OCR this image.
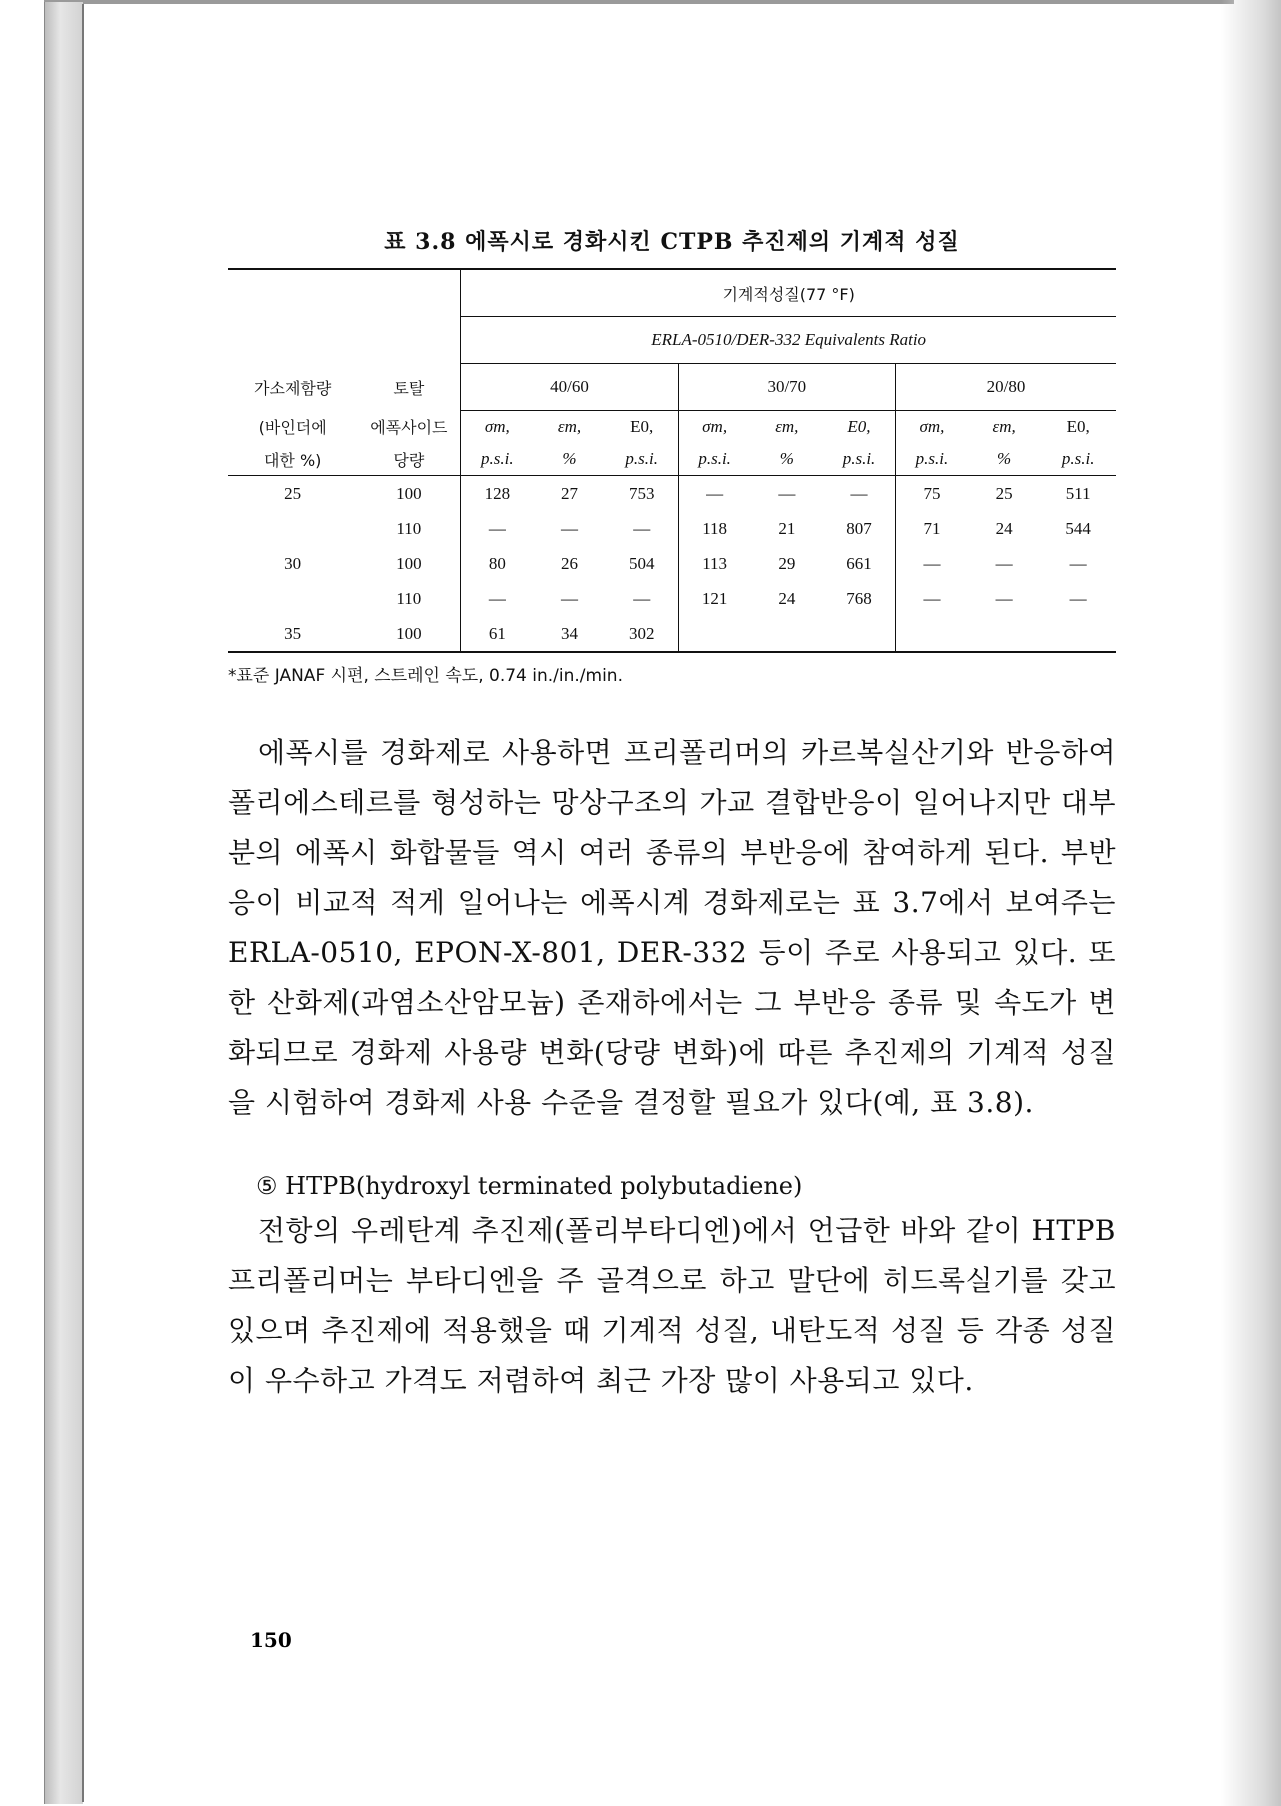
표 3.8 에폭시로 경화시킨 CTPB 추진제의 기계적 성질
		기계적성질(77 °F)								
		ERLA-0510/DER-332 Equivalents Ratio								
가소제함량	토탈	40/60			30/70			20/80		
(바인더에	에폭사이드	σm,	εm,	E0,	σm,	εm,	E0,	σm,	εm,	E0,
대한 %)	당량	p.s.i.	%	p.s.i.	p.s.i.	%	p.s.i.	p.s.i.	%	p.s.i.
25	100	128	27	753	—	—	—	75	25	511
	110	—	—	—	118	21	807	71	24	544
30	100	80	26	504	113	29	661	—	—	—
	110	—	—	—	121	24	768	—	—	—
35	100	61	34	302						
*표준 JANAF 시편, 스트레인 속도, 0.74 in./in./min.

에폭시를 경화제로 사용하면 프리폴리머의 카르복실산기와 반응하여 폴리에스테르를 형성하는 망상구조의 가교 결합반응이 일어나지만 대부분의 에폭시 화합물들 역시 여러 종류의 부반응에 참여하게 된다. 부반응이 비교적 적게 일어나는 에폭시계 경화제로는 표 3.7에서 보여주는 ERLA-0510, EPON-X-801, DER-332 등이 주로 사용되고 있다. 또한 산화제(과염소산암모늄) 존재하에서는 그 부반응 종류 및 속도가 변화되므로 경화제 사용량 변화(당량 변화)에 따른 추진제의 기계적 성질을 시험하여 경화제 사용 수준을 결정할 필요가 있다(예, 표 3.8).

⑤ HTPB(hydroxyl terminated polybutadiene)

전항의 우레탄계 추진제(폴리부타디엔)에서 언급한 바와 같이 HTPB 프리폴리머는 부타디엔을 주 골격으로 하고 말단에 히드록실기를 갖고 있으며 추진제에 적용했을 때 기계적 성질, 내탄도적 성질 등 각종 성질이 우수하고 가격도 저렴하여 최근 가장 많이 사용되고 있다.

150
